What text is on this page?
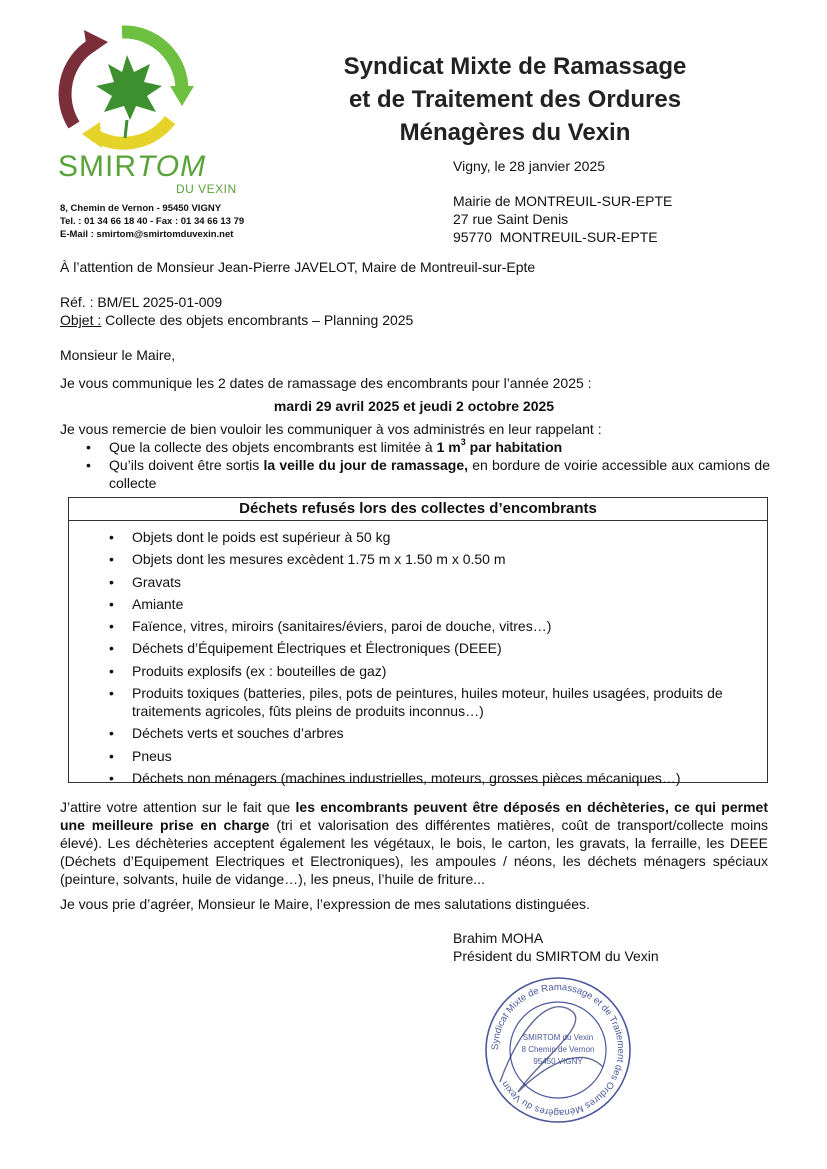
SMIRTOM
DU VEXIN
8, Chemin de Vernon - 95450 VIGNY
Tel. : 01 34 66 18 40 - Fax : 01 34 66 13 79
E-Mail : smirtom@smirtomduvexin.net
Syndicat Mixte de Ramassage
et de Traitement des Ordures
Ménagères du Vexin
Vigny, le 28 janvier 2025
Mairie de MONTREUIL-SUR-EPTE
27 rue Saint Denis
95770  MONTREUIL-SUR-EPTE
À l’attention de Monsieur Jean-Pierre JAVELOT, Maire de Montreuil-sur-Epte
Réf. : BM/EL 2025-01-009
Objet : Collecte des objets encombrants – Planning 2025
Monsieur le Maire,
Je vous communique les 2 dates de ramassage des encombrants pour l’année 2025 :
mardi 29 avril 2025 et jeudi 2 octobre 2025
Je vous remercie de bien vouloir les communiquer à vos administrés en leur rappelant :
• Que la collecte des objets encombrants est limitée à 1 $m^3$ par habitation
• Qu’ils doivent être sortis la veille du jour de ramassage, en bordure de voirie accessible aux camions de collecte
Déchets refusés lors des collectes d’encombrants
• Objets dont le poids est supérieur à 50 kg
• Objets dont les mesures excèdent 1.75 m x 1.50 m x 0.50 m
• Gravats
• Amiante
• Faïence, vitres, miroirs (sanitaires/éviers, paroi de douche, vitres…)
• Déchets d’Équipement Électriques et Électroniques (DEEE)
• Produits explosifs (ex : bouteilles de gaz)
• Produits toxiques (batteries, piles, pots de peintures, huiles moteur, huiles usagées, produits de traitements agricoles, fûts pleins de produits inconnus…)
• Déchets verts et souches d’arbres
• Pneus
• Déchets non ménagers (machines industrielles, moteurs, grosses pièces mécaniques…)
J’attire votre attention sur le fait que les encombrants peuvent être déposés en déchèteries, ce qui permet une meilleure prise en charge (tri et valorisation des différentes matières, coût de transport/collecte moins élevé). Les déchèteries acceptent également les végétaux, le bois, le carton, les gravats, la ferraille, les DEEE (Déchets d’Equipement Electriques et Electroniques), les ampoules / néons, les déchets ménagers spéciaux (peinture, solvants, huile de vidange…), les pneus, l’huile de friture...
Je vous prie d’agréer, Monsieur le Maire, l’expression de mes salutations distinguées.
Brahim MOHA
Président du SMIRTOM du Vexin
Syndicat Mixte de Ramassage et de Traitement des Ordures Ménagères du Vexin
SMIRTOM du Vexin
8 Chemin de Vernon
95450 VIGNY
